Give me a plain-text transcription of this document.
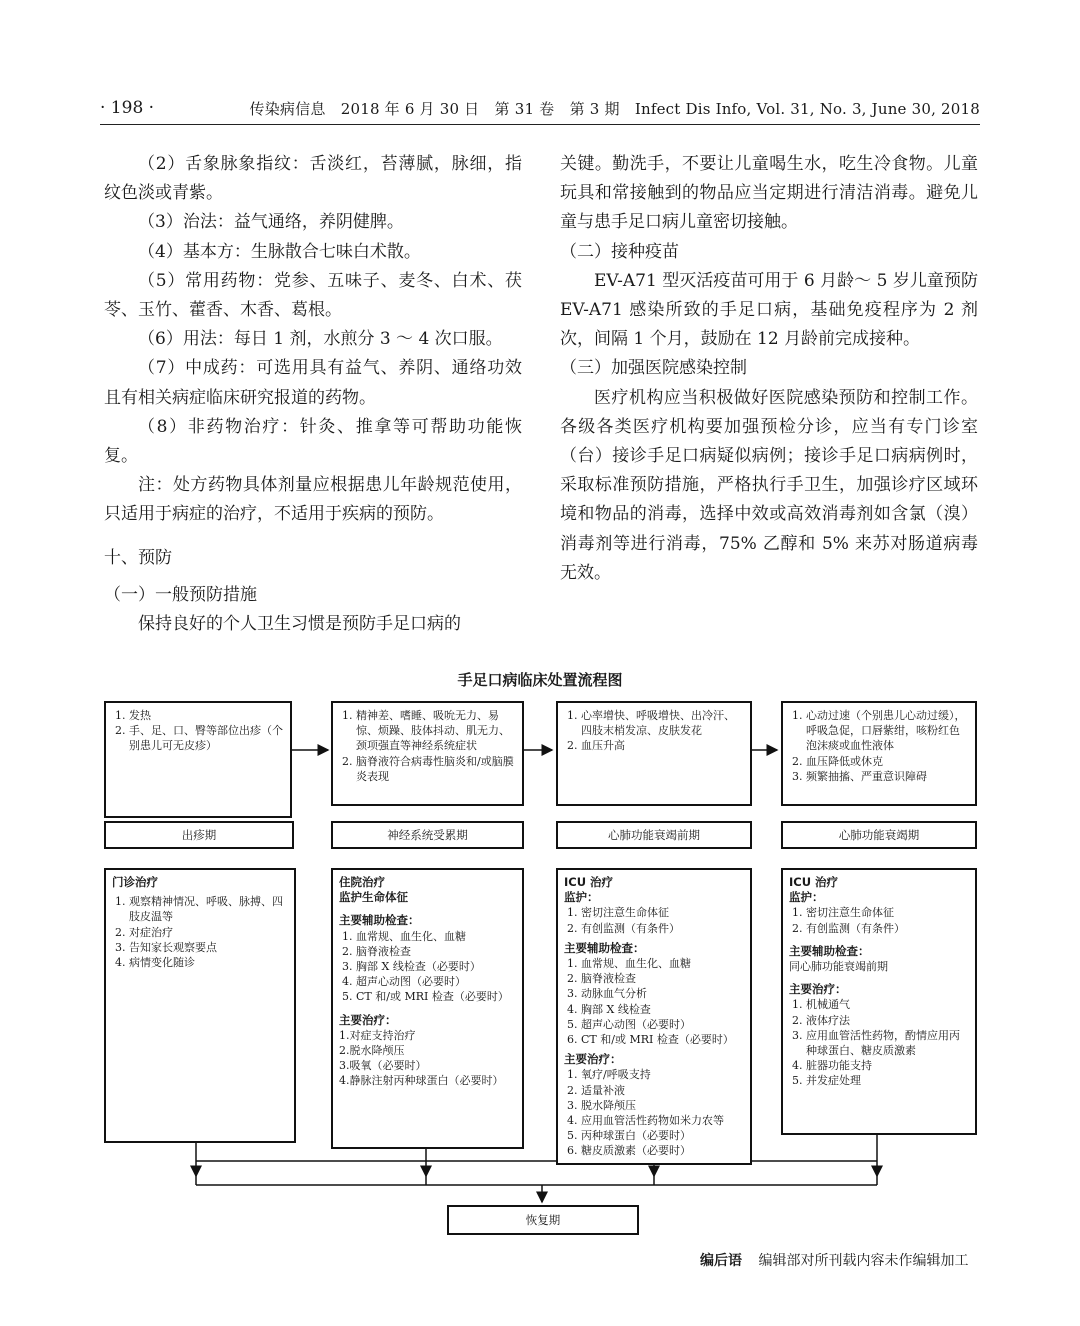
· 198 ·	传染病信息　2018 年 6 月 30 日　第 31 卷　第 3 期　Infect Dis Info, Vol. 31, No. 3, June 30, 2018

（2）舌象脉象指纹：舌淡红，苔薄腻，脉细，指纹色淡或青紫。

（3）治法：益气通络，养阴健脾。

（4）基本方：生脉散合七味白术散。

（5）常用药物：党参、五味子、麦冬、白术、茯苓、玉竹、藿香、木香、葛根。

（6）用法：每日 1 剂，水煎分 3 ～ 4 次口服。

（7）中成药：可选用具有益气、养阴、通络功效且有相关病症临床研究报道的药物。

（8）非药物治疗：针灸、推拿等可帮助功能恢复。

注：处方药物具体剂量应根据患儿年龄规范使用，只适用于病症的治疗，不适用于疾病的预防。

十、预防

（一）一般预防措施

保持良好的个人卫生习惯是预防手足口病的

关键。勤洗手，不要让儿童喝生水，吃生冷食物。儿童玩具和常接触到的物品应当定期进行清洁消毒。避免儿童与患手足口病儿童密切接触。

（二）接种疫苗

EV-A71 型灭活疫苗可用于 6 月龄～ 5 岁儿童预防 EV-A71 感染所致的手足口病，基础免疫程序为 2 剂次，间隔 1 个月，鼓励在 12 月龄前完成接种。

（三）加强医院感染控制

医疗机构应当积极做好医院感染预防和控制工作。各级各类医疗机构要加强预检分诊，应当有专门诊室（台）接诊手足口病疑似病例；接诊手足口病病例时，采取标准预防措施，严格执行手卫生，加强诊疗区域环境和物品的消毒，选择中效或高效消毒剂如含氯（溴）消毒剂等进行消毒，75% 乙醇和 5% 来苏对肠道病毒无效。

手足口病临床处置流程图
1. 发热
2. 手、足、口、臀等部位出疹（个别患儿可无皮疹）
1. 精神差、嗜睡、吸吮无力、易惊、烦躁、肢体抖动、肌无力、颈项强直等神经系统症状
2. 脑脊液符合病毒性脑炎和/或脑膜炎表现
1. 心率增快、呼吸增快、出冷汗、四肢末梢发凉、皮肤发花
2. 血压升高
1. 心动过速（个别患儿心动过缓），呼吸急促，口唇紫绀，咳粉红色泡沫痰或血性液体
2. 血压降低或休克
3. 频繁抽搐、严重意识障碍
出疹期	神经系统受累期	心肺功能衰竭前期	心肺功能衰竭期
门诊治疗
1. 观察精神情况、呼吸、脉搏、四肢皮温等
2. 对症治疗
3. 告知家长观察要点
4. 病情变化随诊
住院治疗
监护生命体征
主要辅助检查：
1. 血常规、血生化、血糖
2. 脑脊液检查
3. 胸部 X 线检查（必要时）
4. 超声心动图（必要时）
5. CT 和/或 MRI 检查（必要时）
主要治疗：
1.对症支持治疗
2.脱水降颅压
3.吸氧（必要时）
4.静脉注射丙种球蛋白（必要时）
ICU 治疗
监护：
1. 密切注意生命体征
2. 有创监测（有条件）
主要辅助检查：
1. 血常规、血生化、血糖
2. 脑脊液检查
3. 动脉血气分析
4. 胸部 X 线检查
5. 超声心动图（必要时）
6. CT 和/或 MRI 检查（必要时）
主要治疗：
1. 氧疗/呼吸支持
2. 适量补液
3. 脱水降颅压
4. 应用血管活性药物如米力农等
5. 丙种球蛋白（必要时）
6. 糖皮质激素（必要时）
ICU 治疗
监护：
1. 密切注意生命体征
2. 有创监测（有条件）
主要辅助检查：
同心肺功能衰竭前期
主要治疗：
1. 机械通气
2. 液体疗法
3. 应用血管活性药物，酌情应用丙种球蛋白、糖皮质激素
4. 脏器功能支持
5. 并发症处理
恢复期
编后语 编辑部对所刊载内容未作编辑加工
